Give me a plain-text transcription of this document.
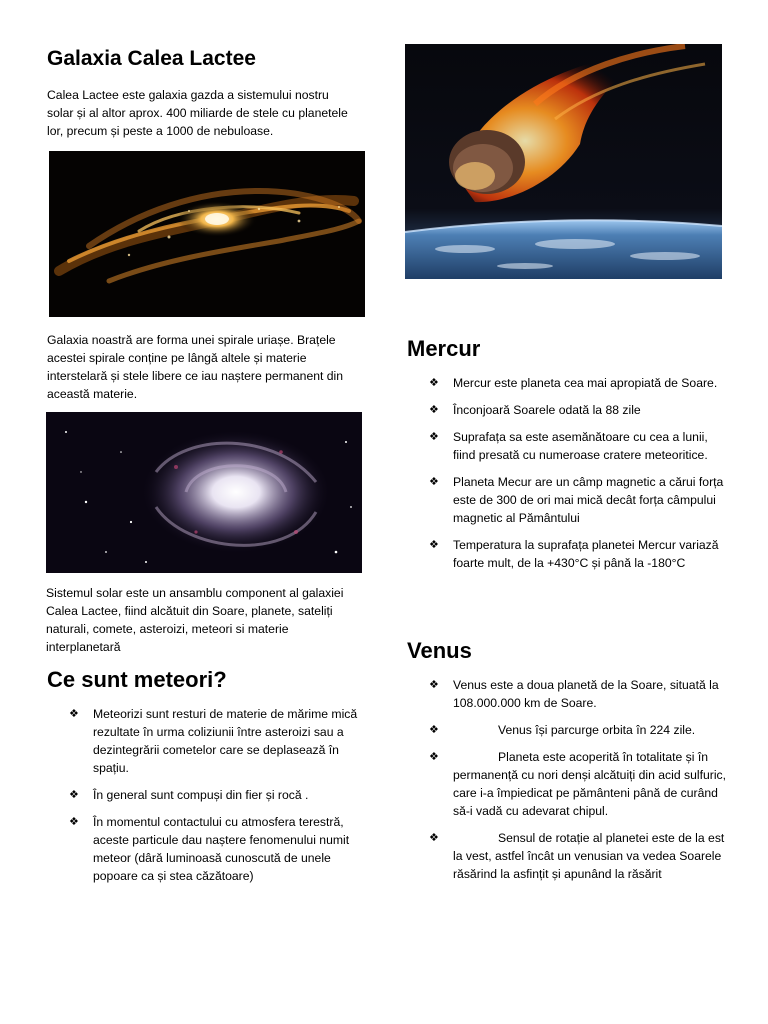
Galaxia Calea Lactee

Calea Lactee este galaxia gazda a sistemului nostru solar și al altor aprox. 400 miliarde de stele cu planetele lor, precum și peste a 1000 de nebuloase.

Galaxia noastră are forma unei spirale uriașe. Brațele acestei spirale conține pe lângă altele și materie interstelară și stele libere ce iau naștere permanent din această materie.

Sistemul solar este un ansamblu component al galaxiei Calea Lactee, fiind alcătuit din Soare, planete, sateliți naturali, comete, asteroizi, meteori si materie interplanetară

Ce sunt meteori?
❖ Meteorizi sunt resturi de materie de mărime mică rezultate în urma coliziunii între asteroizi sau a dezintegrării cometelor care se deplasează în spațiu.
❖ În general sunt compuși din fier și rocă .
❖ În momentul contactului cu atmosfera terestră, aceste particule dau naștere fenomenului numit meteor (dâră luminoasă cunoscută de unele popoare ca și stea căzătoare)
Mercur
❖ Mercur este planeta cea mai apropiată de Soare.
❖ Înconjoară Soarele odată la 88 zile
❖ Suprafața sa este asemănătoare cu cea a lunii, fiind presată cu numeroase cratere meteoritice.
❖ Planeta Mecur are un câmp magnetic a cărui forța este de 300 de ori mai mică decât forța câmpului magnetic al Pământului
❖ Temperatura la suprafața planetei Mercur variază foarte mult, de la +430°C și până la -180°C
Venus
❖ Venus este a doua planetă de la Soare, situată la 108.000.000 km de Soare.
❖	Venus își parcurge orbita în 224 zile.
❖	Planeta este acoperită în totalitate și în permanență cu nori denși alcătuiți din acid sulfuric, care i-a împiedicat pe pământeni până de curând să-i vadă cu adevarat chipul.
❖	Sensul de rotație al planetei este de la est la vest, astfel încât un venusian va vedea Soarele răsărind la asfințit și apunând la răsărit
